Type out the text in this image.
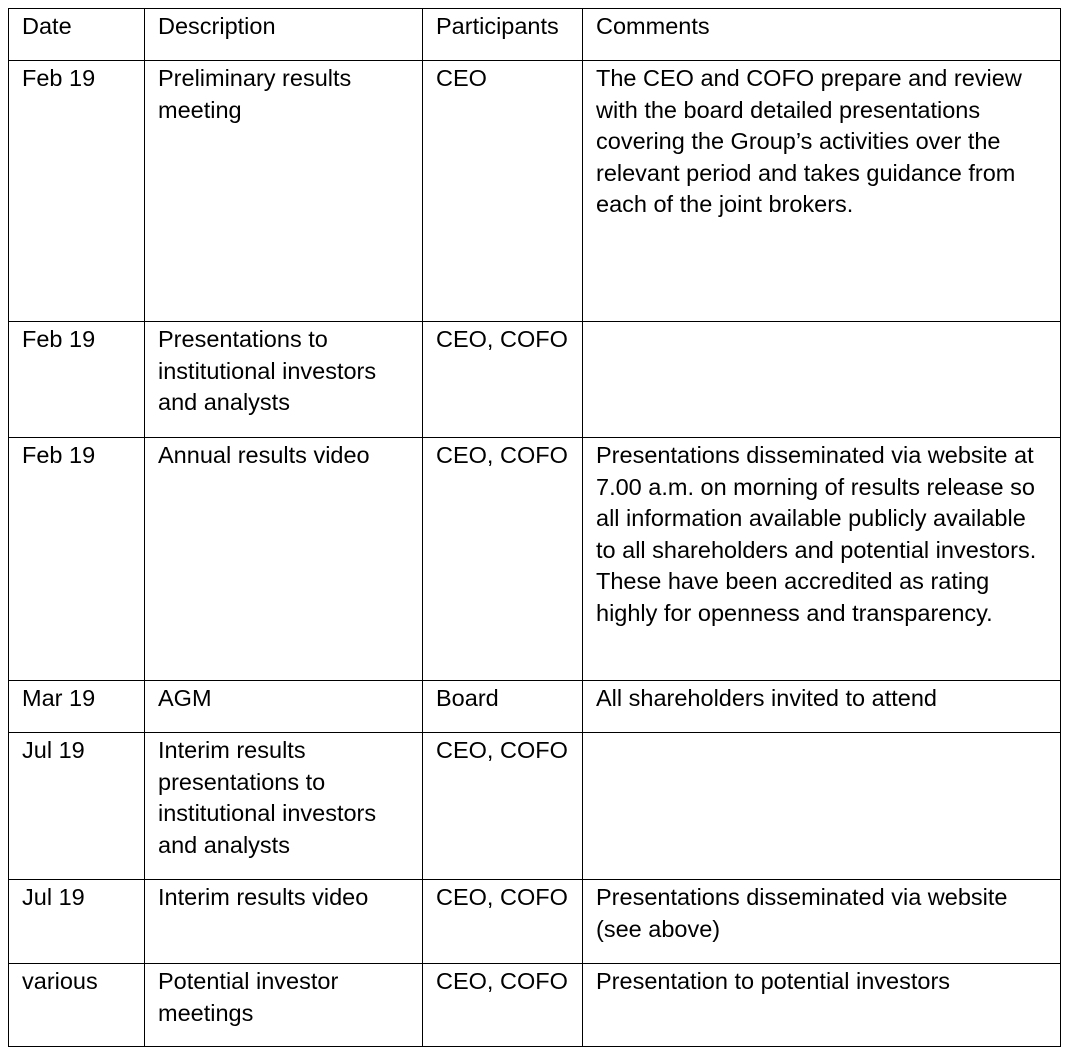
Date	Description	Participants	Comments
Feb 19	Preliminary results meeting	CEO	The CEO and COFO prepare and review with the board detailed presentations covering the Group’s activities over the relevant period and takes guidance from each of the joint brokers.
Feb 19	Presentations to institutional investors and analysts	CEO, COFO	
Feb 19	Annual results video	CEO, COFO	Presentations disseminated via website at 7.00 a.m. on morning of results release so all information available publicly available to all shareholders and potential investors. These have been accredited as rating highly for openness and transparency.
Mar 19	AGM	Board	All shareholders invited to attend
Jul 19	Interim results presentations to institutional investors and analysts	CEO, COFO	
Jul 19	Interim results video	CEO, COFO	Presentations disseminated via website (see above)
various	Potential investor meetings	CEO, COFO	Presentation to potential investors
